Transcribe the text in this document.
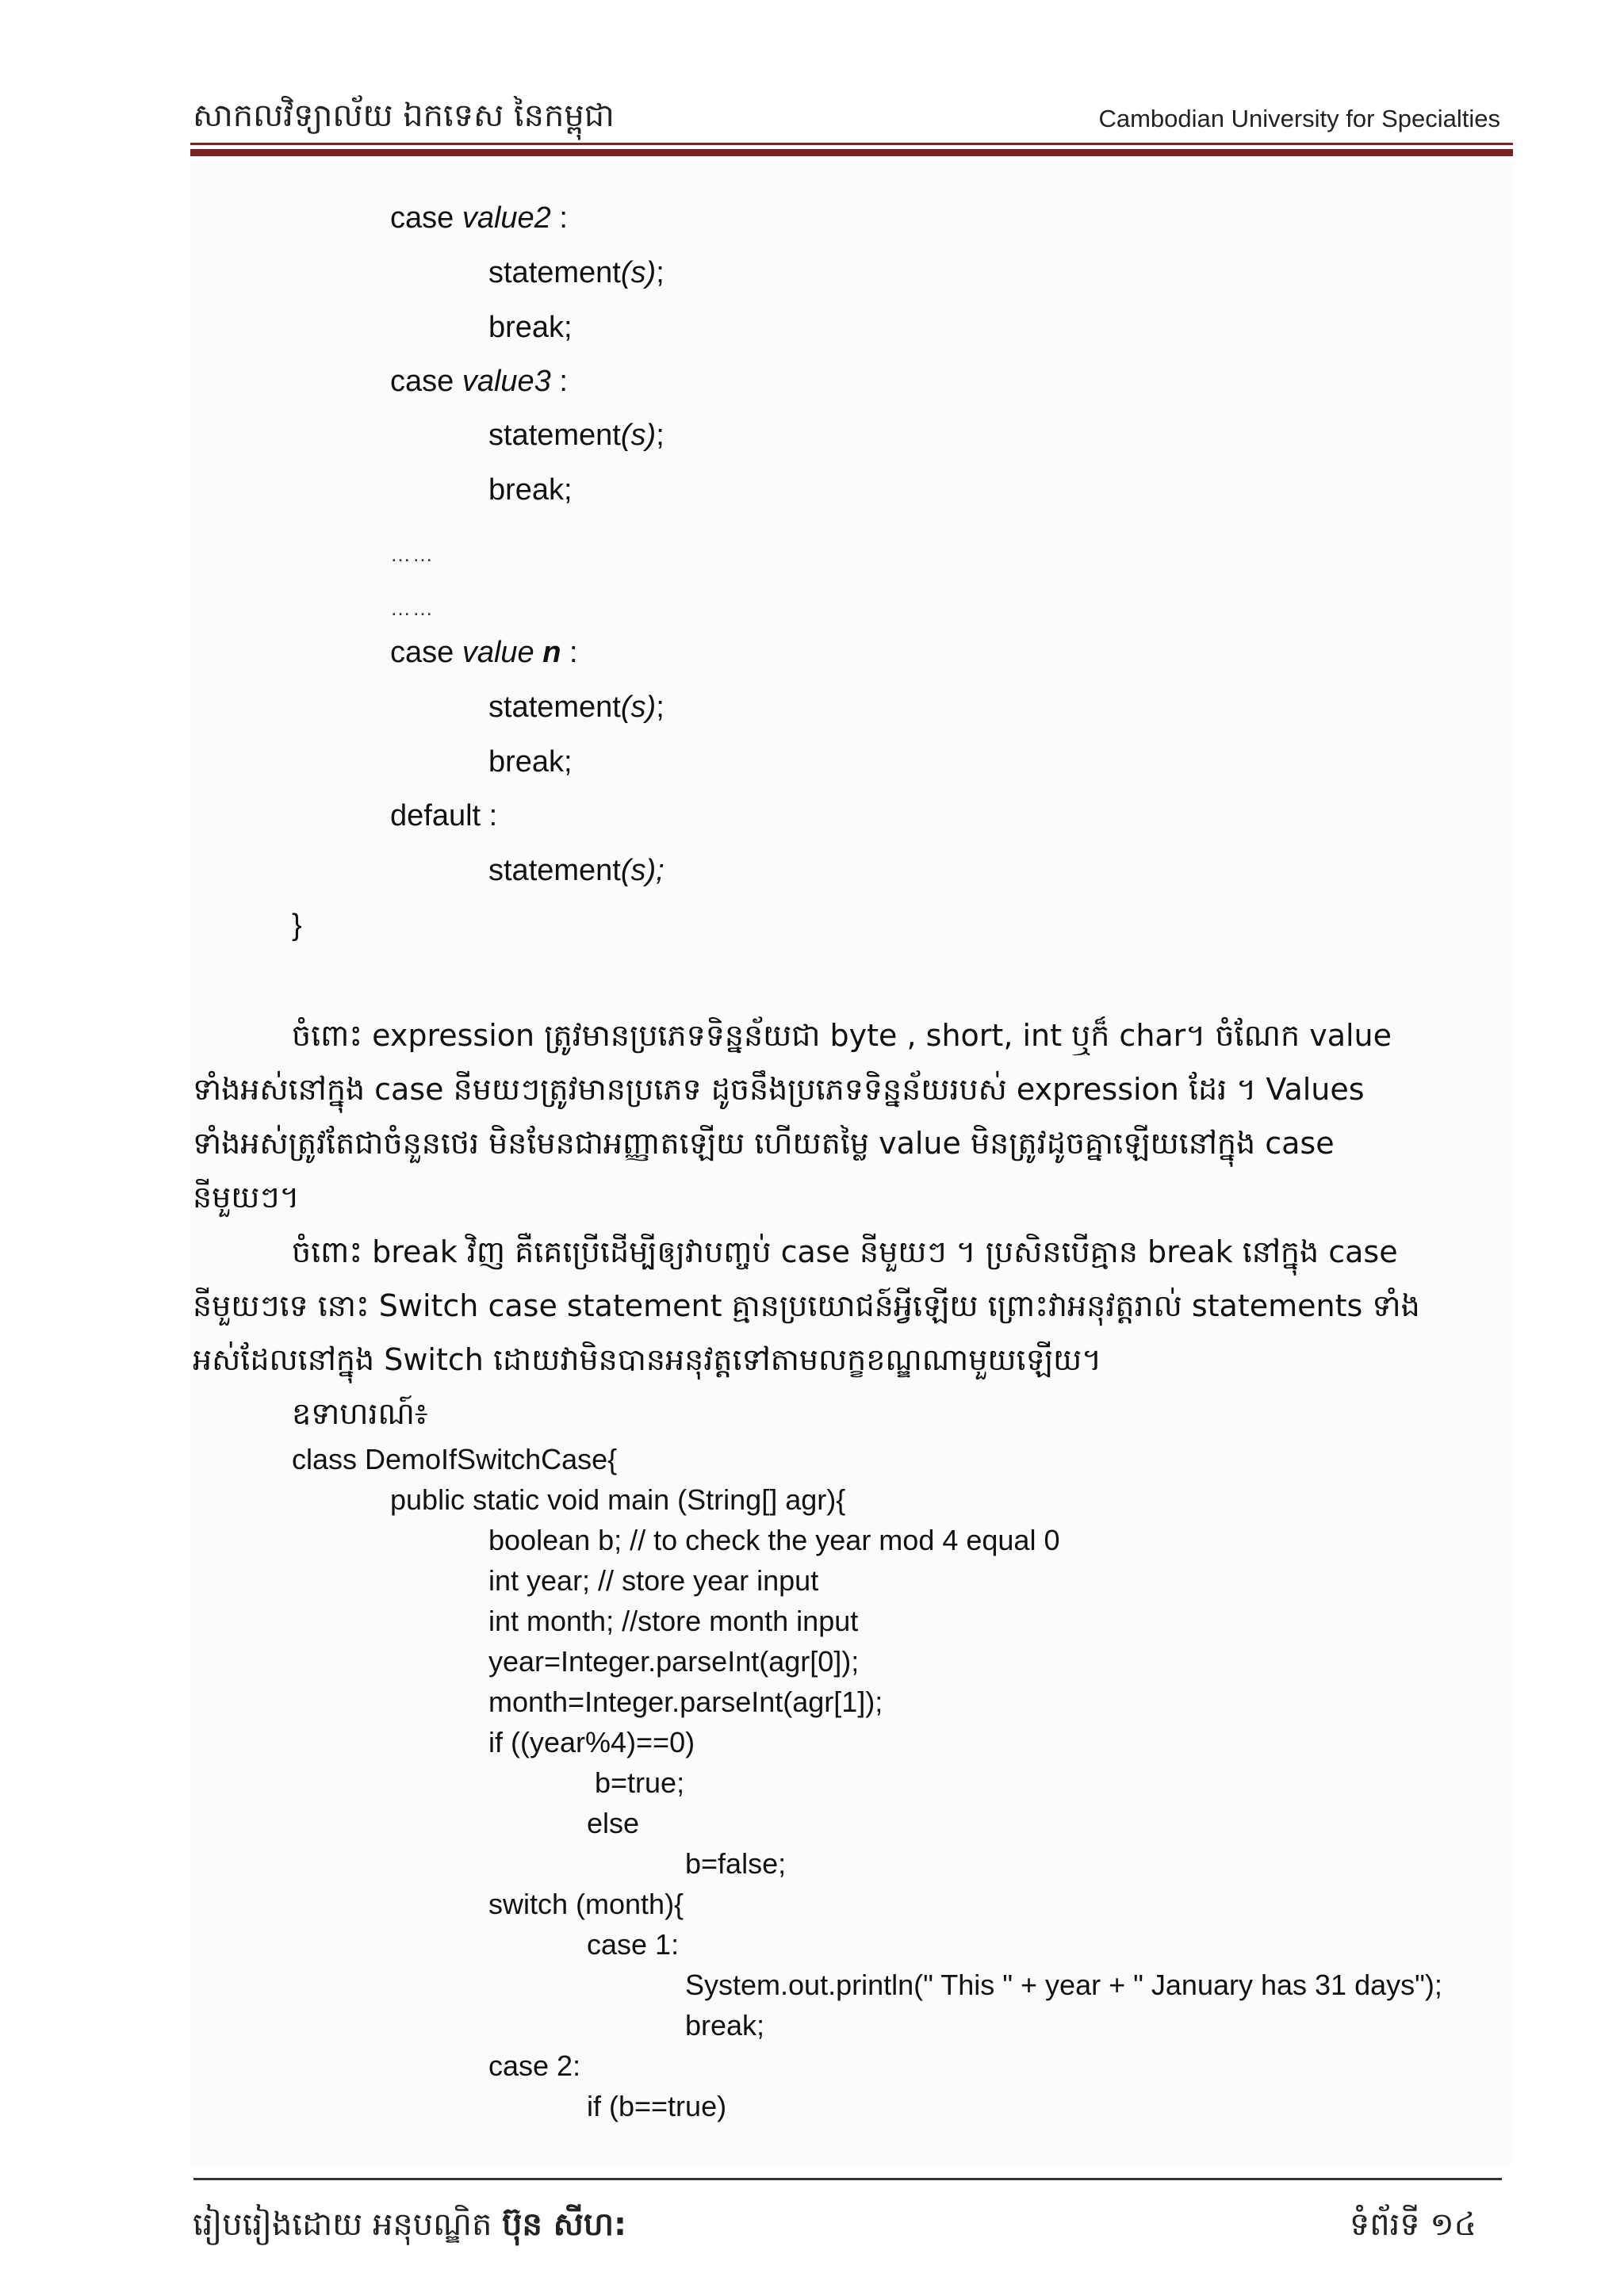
សាកលវិទ្យាល័យ ឯកទេស នៃកម្ពុជា	Cambodian University for Specialties
case value2 :
statement(s);
break;
case value3 :
statement(s);
break;
……
……
case value n :
statement(s);
break;
default :
statement(s);
}
ចំពោះ expression ត្រូវមានប្រភេទទិន្នន័យជា byte , short, int ឬក៏ char។ ចំណែក value
ទាំងអស់នៅក្នុង case នីមយៗត្រូវមានប្រភេទ ដូចនឹងប្រភេទទិន្នន័យរបស់ expression ដែរ ។ Values
ទាំងអស់ត្រូវតែជាចំនួនថេរ មិនមែនជាអញ្ញាតឡើយ ហើយតម្លៃ value មិនត្រូវដូចគ្នាឡើយនៅក្នុង case
នីមួយៗ។
ចំពោះ break វិញ គឺគេប្រើដើម្បីឲ្យវាបញ្ចប់ case នីមួយៗ ។ ប្រសិនបើគ្មាន break នៅក្នុង case
នីមួយៗទេ នោះ Switch case statement គ្មានប្រយោជន៍អ្វីឡើយ ព្រោះវាអនុវត្តរាល់ statements ទាំង
អស់ដែលនៅក្នុង Switch ដោយវាមិនបានអនុវត្តទៅតាមលក្ខខណ្ឌណាមួយឡើយ។
ឧទាហរណ៍៖
class DemoIfSwitchCase{
public static void main (String[] agr){
boolean b; // to check the year mod 4 equal 0
int year; // store year input
int month; //store month input
year=Integer.parseInt(agr[0]);
month=Integer.parseInt(agr[1]);
if ((year%4)==0)
b=true;
else
b=false;
switch (month){
case 1:
System.out.println(" This " + year + " January has 31 days");
break;
case 2:
if (b==true)
រៀបរៀងដោយ អនុបណ្ឌិត ប៊ុន សីហ:	ទំព័រទី ១៤
